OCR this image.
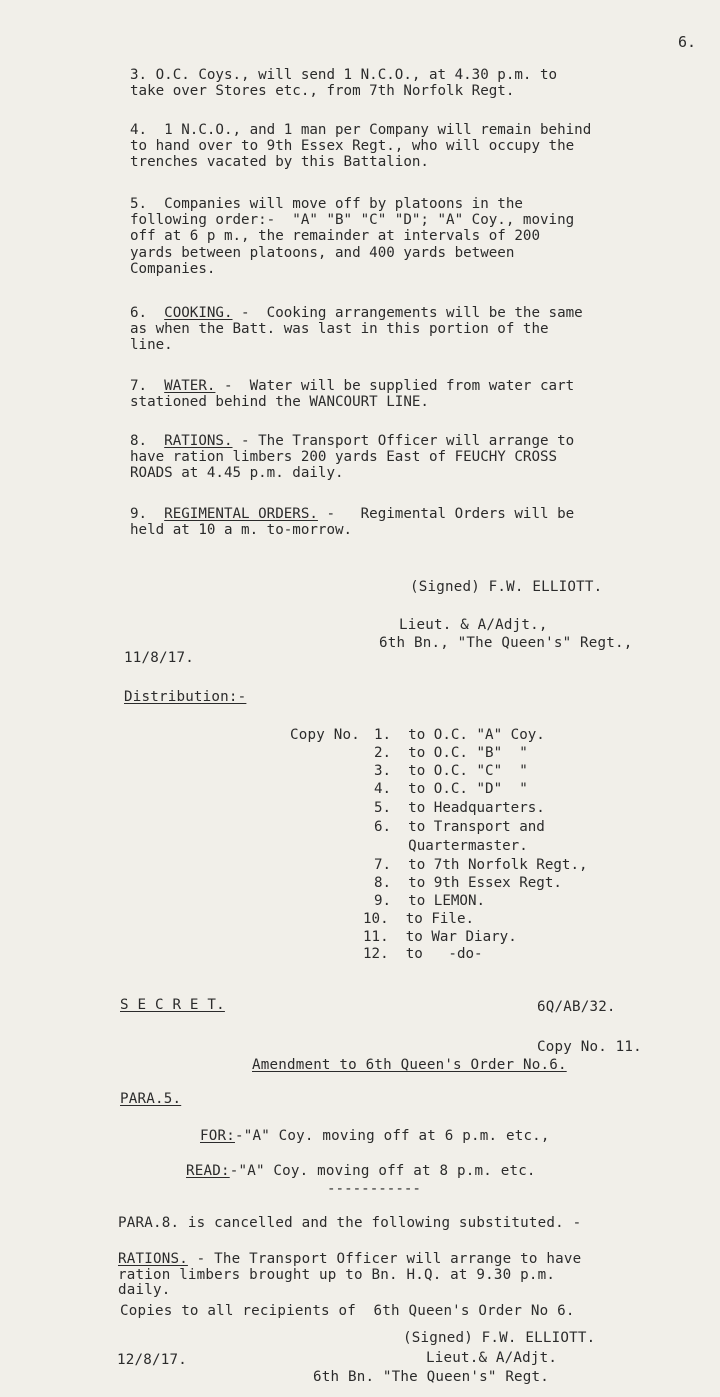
6.
3. O.C. Coys., will send 1 N.C.O., at 4.30 p.m. to
take over Stores etc., from 7th Norfolk Regt.
4.  1 N.C.O., and 1 man per Company will remain behind
to hand over to 9th Essex Regt., who will occupy the
trenches vacated by this Battalion.
5.  Companies will move off by platoons in the
following order:-  "A" "B" "C" "D"; "A" Coy., moving
off at 6 p m., the remainder at intervals of 200
yards between platoons, and 400 yards between
Companies.
6.  COOKING. -  Cooking arrangements will be the same
as when the Batt. was last in this portion of the
line.
7.  WATER. -  Water will be supplied from water cart
stationed behind the WANCOURT LINE.
8.  RATIONS. - The Transport Officer will arrange to
have ration limbers 200 yards East of FEUCHY CROSS
ROADS at 4.45 p.m. daily.
9.  REGIMENTAL ORDERS. -   Regimental Orders will be
held at 10 a m. to-morrow.
(Signed) F.W. ELLIOTT.
Lieut. & A/Adjt.,
6th Bn., "The Queen's" Regt.,
11/8/17.
Distribution:-
Copy No. 1.  to O.C. "A" Coy.
2.  to O.C. "B"  "
3.  to O.C. "C"  "
4.  to O.C. "D"  "
5.  to Headquarters.
6.  to Transport and
Quartermaster.
7.  to 7th Norfolk Regt.,
8.  to 9th Essex Regt.
9.  to LEMON.
10.  to File.
11.  to War Diary.
12.  to   -do-
S E C R E T.	6Q/AB/32.
Copy No. 11.
Amendment to 6th Queen's Order No.6.
PARA.5.
FOR:-"A" Coy. moving off at 6 p.m. etc.,
READ:-"A" Coy. moving off at 8 p.m. etc.
-----------
PARA.8. is cancelled and the following substituted. -
RATIONS. - The Transport Officer will arrange to have
ration limbers brought up to Bn. H.Q. at 9.30 p.m.
daily.
Copies to all recipients of  6th Queen's Order No 6.
(Signed) F.W. ELLIOTT.
Lieut.& A/Adjt.
12/8/17.
6th Bn. "The Queen's" Regt.
